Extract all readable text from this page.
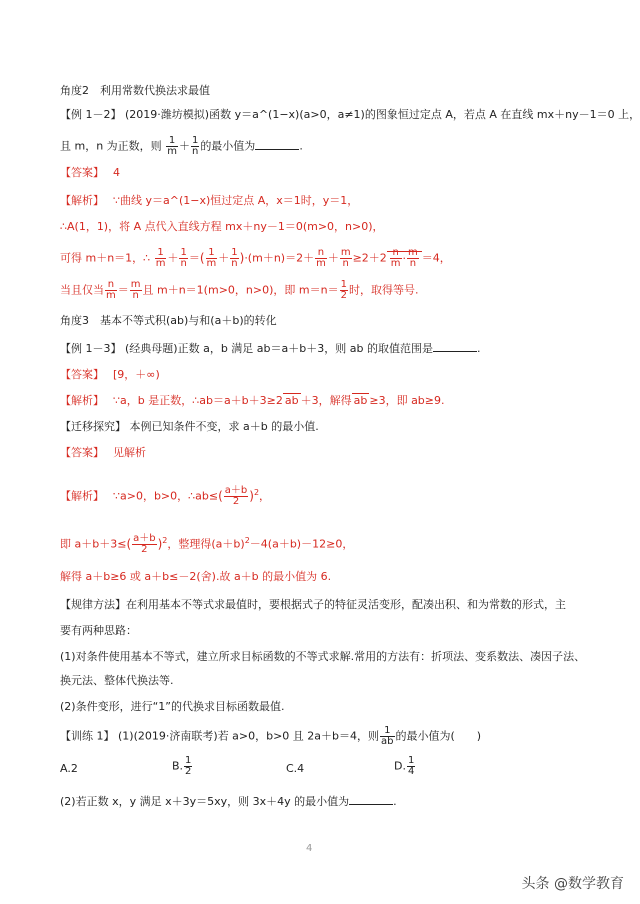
角度2　利用常数代换法求最值
【例 1－2】 (2019·潍坊模拟)函数 y＝a^(1−x)(a>0，a≠1)的图象恒过定点 A，若点 A 在直线 mx＋ny－1＝0 上，
且 m，n 为正数，则 $\frac{1}{m} + \frac{1}{n}$ 的最小值为	.
【答案】　 4
【解析】　 ∵曲线 y＝a^(1−x)恒过定点 A，x＝1时，y＝1，
∴A(1，1)，将 A 点代入直线方程 mx＋ny－1＝0(m>0，n>0)，
可得 m＋n＝1，∴ $\frac{1}{m} + \frac{1}{n}$ ＝( $\frac{1}{m} + \frac{1}{n} )\cdot(m+n)=2+ \frac{n}{m} + \frac{m}{n} \ge 2+2 \frac{n}{m} \cdot \frac{m}{n} =4$，
当且仅当 $\frac{n}{m} = \frac{m}{n}$ 且 m＋n＝1(m>0，n>0)，即 $m=n= \frac{1}{2}$ 时，取得等号.
角度3　基本不等式积(ab)与和(a＋b)的转化
【例 1－3】 (经典母题)正数 a，b 满足 ab＝a＋b＋3，则 ab 的取值范围是	.
【答案】　 [9，＋∞)
【解析】　 ∵a，b 是正数，∴ab＝a＋b＋3≥2 ab ＋3，解得 ab ≥3，即 ab≥9.
【迁移探究】 本例已知条件不变，求 a＋b 的最小值.
【答案】　 见解析
【解析】　 ∵a>0，b>0，∴ab≤( $\frac{a+b}{2} )^2$，
即 $a+b+3\le( \frac{a+b}{2} )^2$，整理得$(a+b)^2-4(a+b)-12\ge 0$，
解得 a＋b≥6 或 a＋b≤－2(舍).故 a＋b 的最小值为 6.
【规律方法】在利用基本不等式求最值时，要根据式子的特征灵活变形，配凑出积、和为常数的形式，主
要有两种思路：
(1)对条件使用基本不等式，建立所求目标函数的不等式求解.常用的方法有：折项法、变系数法、凑因子法、
换元法、整体代换法等.
(2)条件变形，进行“1”的代换求目标函数最值.
【训练 1】 (1)(2019·济南联考)若 a>0，b>0 且 2a＋b＝4，则 $\frac{1}{ab}$ 的最小值为(　　)
A.2	B. $\frac{1}{2}$	C.4	D. $\frac{1}{4}$
(2)若正数 x，y 满足 x＋3y＝5xy，则 3x＋4y 的最小值为	.
4
头条 @数学教育
